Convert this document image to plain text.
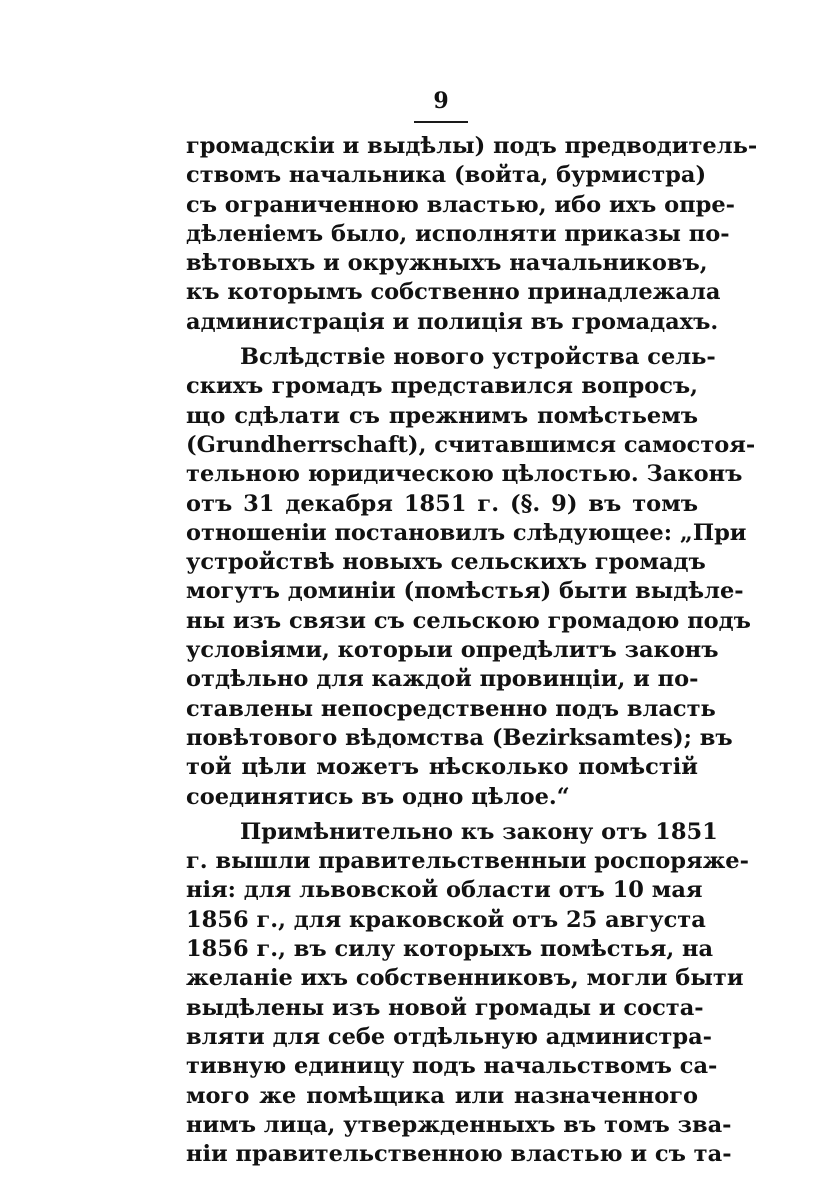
9
громадскіи и выдѣлы) подъ предводитель-
ствомъ начальника (войта, бурмистра)
съ ограниченною властью, ибо ихъ опре-
дѣленіемъ было, исполняти приказы по-
вѣтовыхъ и окружныхъ начальниковъ,
къ которымъ собственно принадлежала
администрація и полиція въ громадахъ.
Вслѣдствіе нового устройства сель-
скихъ громадъ представился вопросъ,
що сдѣлати съ прежнимъ помѣстьемъ
(Grundherrschaft), считавшимся самостоя-
тельною юридическою цѣлостью. Законъ
отъ 31 декабря 1851 г. (§. 9) въ томъ
отношеніи постановилъ слѣдующее: „При
устройствѣ новыхъ сельскихъ громадъ
могутъ доминіи (помѣстья) быти выдѣле-
ны изъ связи съ сельскою громадою подъ
условіями, которыи опредѣлитъ законъ
отдѣльно для каждой провинціи, и по-
ставлены непосредственно подъ власть
повѣтового вѣдомства (Bezirksamtes); въ
той цѣли можетъ нѣсколько помѣстій
соединятись въ одно цѣлое.“
Примѣнительно къ закону отъ 1851
г. вышли правительственныи роспоряже-
нія: для львовской области отъ 10 мая
1856 г., для краковской отъ 25 августа
1856 г., въ силу которыхъ помѣстья, на
желаніе ихъ собственниковъ, могли быти
выдѣлены изъ новой громады и соста-
вляти для себе отдѣльную администра-
тивную единицу подъ начальствомъ са-
мого же помѣщика или назначенного
нимъ лица, утвержденныхъ въ томъ зва-
ніи правительственною властью и съ та-
